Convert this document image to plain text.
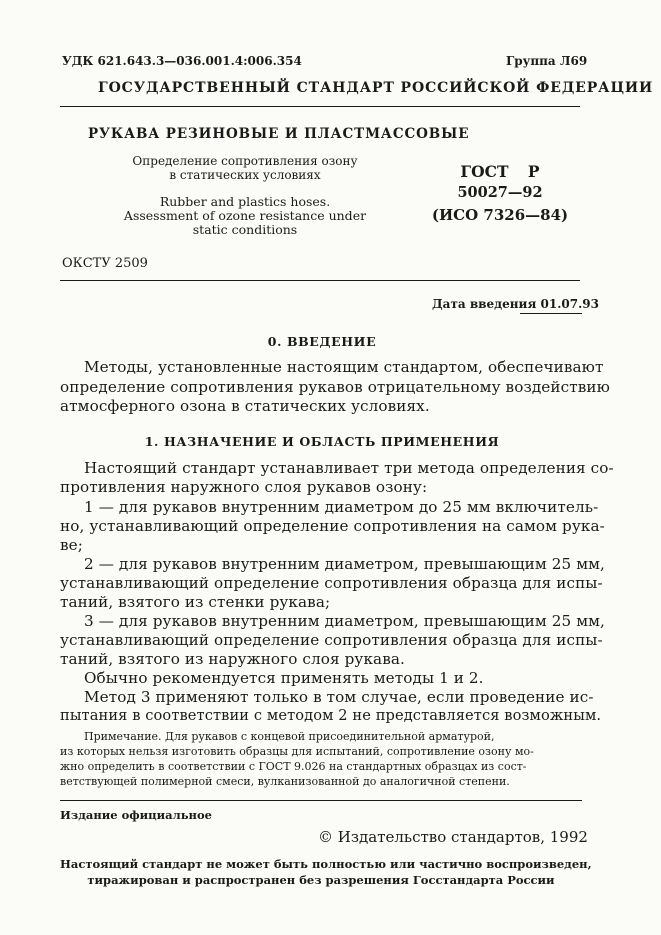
УДК 621.643.3—036.001.4:006.354	Группа Л69
ГОСУДАРСТВЕННЫЙ СТАНДАРТ РОССИЙСКОЙ ФЕДЕРАЦИИ
РУКАВА РЕЗИНОВЫЕ И ПЛАСТМАССОВЫЕ
Определение сопротивления озону
в статических условиях
Rubber and plastics hoses.
Assessment of ozone resistance under
static conditions
ГОСТ Р
50027—92
(ИСО 7326—84)
ОКСТУ 2509
Дата введения 01.07.93
0. ВВЕДЕНИЕ
Методы, установленные настоящим стандартом, обеспечивают
определение сопротивления рукавов отрицательному воздействию
атмосферного озона в статических условиях.
1. НАЗНАЧЕНИЕ И ОБЛАСТЬ ПРИМЕНЕНИЯ
Настоящий стандарт устанавливает три метода определения со-
противления наружного слоя рукавов озону:
1 — для рукавов внутренним диаметром до 25 мм включитель-
но, устанавливающий определение сопротивления на самом рука-
ве;
2 — для рукавов внутренним диаметром, превышающим 25 мм,
устанавливающий определение сопротивления образца для испы-
таний, взятого из стенки рукава;
3 — для рукавов внутренним диаметром, превышающим 25 мм,
устанавливающий определение сопротивления образца для испы-
таний, взятого из наружного слоя рукава.
Обычно рекомендуется применять методы 1 и 2.
Метод 3 применяют только в том случае, если проведение ис-
пытания в соответствии с методом 2 не представляется возможным.
Примечание. Для рукавов с концевой присоединительной арматурой,
из которых нельзя изготовить образцы для испытаний, сопротивление озону мо-
жно определить в соответствии с ГОСТ 9.026 на стандартных образцах из сост-
ветствующей полимерной смеси, вулканизованной до аналогичной степени.
Издание официальное
© Издательство стандартов, 1992
Настоящий стандарт не может быть полностью или частично воспроизведен,
тиражирован и распространен без разрешения Госстандарта России
